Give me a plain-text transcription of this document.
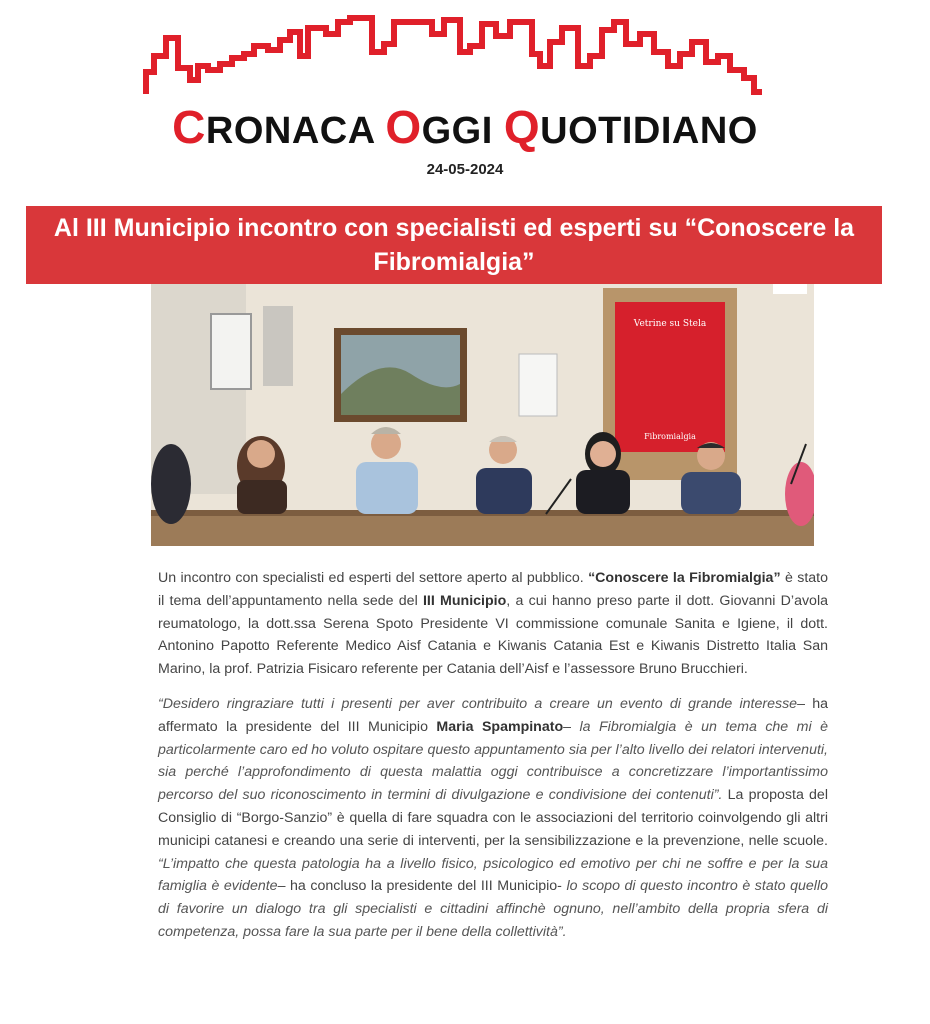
CRONACA OGGI QUOTIDIANO
24-05-2024
Al III Municipio incontro con specialisti ed esperti su “Conoscere la Fibromialgia”
Vetrine su Stela
Fibromialgia

Un incontro con specialisti ed esperti del settore aperto al pubblico. “Conoscere la Fibromialgia” è stato il tema dell’appuntamento nella sede del III Municipio, a cui hanno preso parte il dott. Giovanni D’avola reumatologo, la dott.ssa Serena Spoto Presidente VI commissione comunale Sanita e Igiene, il dott. Antonino Papotto Referente Medico Aisf Catania e Kiwanis Catania Est e Kiwanis Distretto Italia San Marino, la prof. Patrizia Fisicaro referente per Catania dell’Aisf e l’assessore Bruno Brucchieri.

“Desidero ringraziare tutti i presenti per aver contribuito a creare un evento di grande interesse– ha affermato la presidente del III Municipio Maria Spampinato– la Fibromialgia è un tema che mi è particolarmente caro ed ho voluto ospitare questo appuntamento sia per l’alto livello dei relatori intervenuti, sia perché l’approfondimento di questa malattia oggi contribuisce a concretizzare l’importantissimo percorso del suo riconoscimento in termini di divulgazione e condivisione dei contenuti”. La proposta del Consiglio di “Borgo-Sanzio” è quella di fare squadra con le associazioni del territorio coinvolgendo gli altri municipi catanesi e creando una serie di interventi, per la sensibilizzazione e la prevenzione, nelle scuole. “L’impatto che questa patologia ha a livello fisico, psicologico ed emotivo per chi ne soffre e per la sua famiglia è evidente– ha concluso la presidente del III Municipio- lo scopo di questo incontro è stato quello di favorire un dialogo tra gli specialisti e cittadini affinchè ognuno, nell’ambito della propria sfera di competenza, possa fare la sua parte per il bene della collettività”.
